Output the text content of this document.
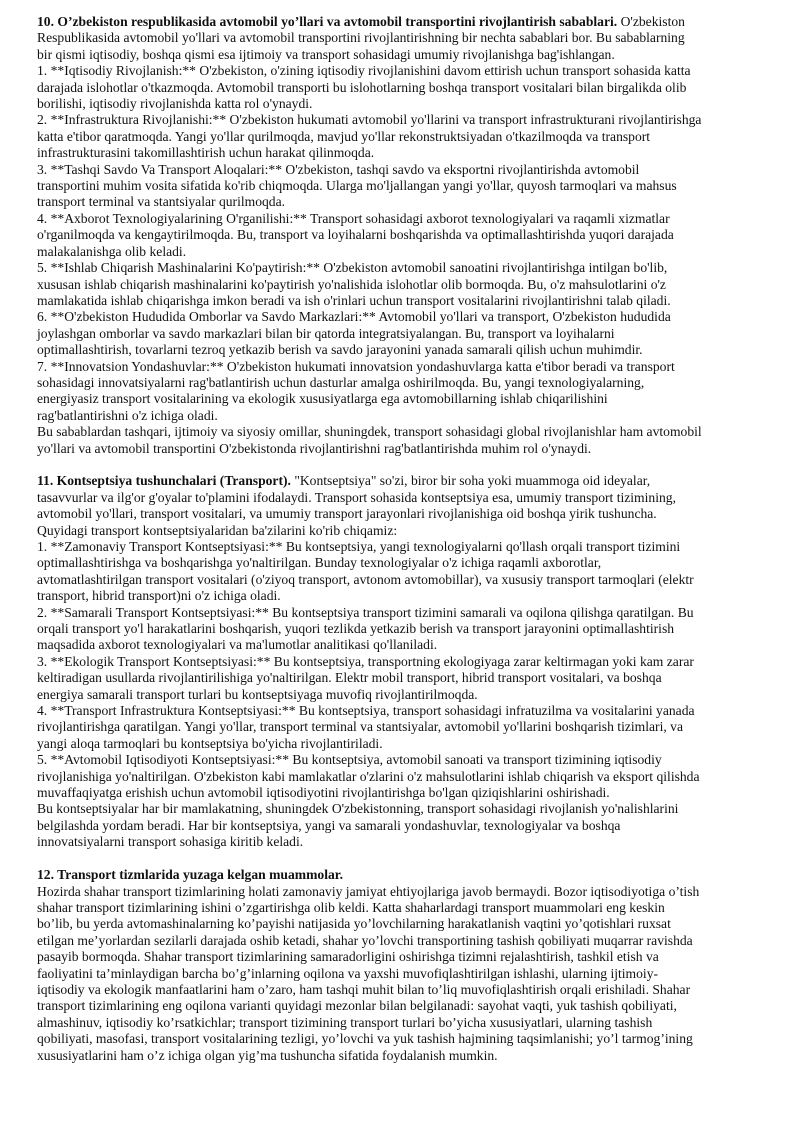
10. O’zbekiston respublikasida avtomobil yo’llari va avtomobil transportini rivojlantirish sabablari. O'zbekiston
Respublikasida avtomobil yo'llari va avtomobil transportini rivojlantirishning bir nechta sabablari bor. Bu sabablarning
bir qismi iqtisodiy, boshqa qismi esa ijtimoiy va transport sohasidagi umumiy rivojlanishga bag'ishlangan.
1. **Iqtisodiy Rivojlanish:** O'zbekiston, o'zining iqtisodiy rivojlanishini davom ettirish uchun transport sohasida katta
darajada islohotlar o'tkazmoqda. Avtomobil transporti bu islohotlarning boshqa transport vositalari bilan birgalikda olib
borilishi, iqtisodiy rivojlanishda katta rol o'ynaydi.
2. **Infrastruktura Rivojlanishi:** O'zbekiston hukumati avtomobil yo'llarini va transport infrastrukturani rivojlantirishga
katta e'tibor qaratmoqda. Yangi yo'llar qurilmoqda, mavjud yo'llar rekonstruktsiyadan o'tkazilmoqda va transport
infrastrukturasini takomillashtirish uchun harakat qilinmoqda.
3. **Tashqi Savdo Va Transport Aloqalari:** O'zbekiston, tashqi savdo va eksportni rivojlantirishda avtomobil
transportini muhim vosita sifatida ko'rib chiqmoqda. Ularga mo'ljallangan yangi yo'llar, quyosh tarmoqlari va mahsus
transport terminal va stantsiyalar qurilmoqda.
4. **Axborot Texnologiyalarining O'rganilishi:** Transport sohasidagi axborot texnologiyalari va raqamli xizmatlar
o'rganilmoqda va kengaytirilmoqda. Bu, transport va loyihalarni boshqarishda va optimallashtirishda yuqori darajada
malakalanishga olib keladi.
5. **Ishlab Chiqarish Mashinalarini Ko'paytirish:** O'zbekiston avtomobil sanoatini rivojlantirishga intilgan bo'lib,
xususan ishlab chiqarish mashinalarini ko'paytirish yo'nalishida islohotlar olib bormoqda. Bu, o'z mahsulotlarini o'z
mamlakatida ishlab chiqarishga imkon beradi va ish o'rinlari uchun transport vositalarini rivojlantirishni talab qiladi.
6. **O'zbekiston Hududida Omborlar va Savdo Markazlari:** Avtomobil yo'llari va transport, O'zbekiston hududida
joylashgan omborlar va savdo markazlari bilan bir qatorda integratsiyalangan. Bu, transport va loyihalarni
optimallashtirish, tovarlarni tezroq yetkazib berish va savdo jarayonini yanada samarali qilish uchun muhimdir.
7. **Innovatsion Yondashuvlar:** O'zbekiston hukumati innovatsion yondashuvlarga katta e'tibor beradi va transport
sohasidagi innovatsiyalarni rag'batlantirish uchun dasturlar amalga oshirilmoqda. Bu, yangi texnologiyalarning,
energiyasiz transport vositalarining va ekologik xususiyatlarga ega avtomobillarning ishlab chiqarilishini
rag'batlantirishni o'z ichiga oladi.
Bu sabablardan tashqari, ijtimoiy va siyosiy omillar, shuningdek, transport sohasidagi global rivojlanishlar ham avtomobil
yo'llari va avtomobil transportini O'zbekistonda rivojlantirishni rag'batlantirishda muhim rol o'ynaydi.
11. Kontseptsiya tushunchalari (Transport). "Kontseptsiya" so'zi, biror bir soha yoki muammoga oid ideyalar,
tasavvurlar va ilg'or g'oyalar to'plamini ifodalaydi. Transport sohasida kontseptsiya esa, umumiy transport tizimining,
avtomobil yo'llari, transport vositalari, va umumiy transport jarayonlari rivojlanishiga oid boshqa yirik tushuncha.
Quyidagi transport kontseptsiyalaridan ba'zilarini ko'rib chiqamiz:
1. **Zamonaviy Transport Kontseptsiyasi:** Bu kontseptsiya, yangi texnologiyalarni qo'llash orqali transport tizimini
optimallashtirishga va boshqarishga yo'naltirilgan. Bunday texnologiyalar o'z ichiga raqamli axborotlar,
avtomatlashtirilgan transport vositalari (o'ziyoq transport, avtonom avtomobillar), va xususiy transport tarmoqlari (elektr
transport, hibrid transport)ni o'z ichiga oladi.
2. **Samarali Transport Kontseptsiyasi:** Bu kontseptsiya transport tizimini samarali va oqilona qilishga qaratilgan. Bu
orqali transport yo'l harakatlarini boshqarish, yuqori tezlikda yetkazib berish va transport jarayonini optimallashtirish
maqsadida axborot texnologiyalari va ma'lumotlar analitikasi qo'llaniladi.
3. **Ekologik Transport Kontseptsiyasi:** Bu kontseptsiya, transportning ekologiyaga zarar keltirmagan yoki kam zarar
keltiradigan usullarda rivojlantirilishiga yo'naltirilgan. Elektr mobil transport, hibrid transport vositalari, va boshqa
energiya samarali transport turlari bu kontseptsiyaga muvofiq rivojlantirilmoqda.
4. **Transport Infrastruktura Kontseptsiyasi:** Bu kontseptsiya, transport sohasidagi infratuzilma va vositalarini yanada
rivojlantirishga qaratilgan. Yangi yo'llar, transport terminal va stantsiyalar, avtomobil yo'llarini boshqarish tizimlari, va
yangi aloqa tarmoqlari bu kontseptsiya bo'yicha rivojlantiriladi.
5. **Avtomobil Iqtisodiyoti Kontseptsiyasi:** Bu kontseptsiya, avtomobil sanoati va transport tizimining iqtisodiy
rivojlanishiga yo'naltirilgan. O'zbekiston kabi mamlakatlar o'zlarini o'z mahsulotlarini ishlab chiqarish va eksport qilishda
muvaffaqiyatga erishish uchun avtomobil iqtisodiyotini rivojlantirishga bo'lgan qiziqishlarini oshirishadi.
Bu kontseptsiyalar har bir mamlakatning, shuningdek O'zbekistonning, transport sohasidagi rivojlanish yo'nalishlarini
belgilashda yordam beradi. Har bir kontseptsiya, yangi va samarali yondashuvlar, texnologiyalar va boshqa
innovatsiyalarni transport sohasiga kiritib keladi.
12. Transport tizmlarida yuzaga kelgan muammolar.
Hozirda shahar transport tizimlarining holati zamonaviy jamiyat ehtiyojlariga javob bermaydi. Bozor iqtisodiyotiga o’tish
shahar transport tizimlarining ishini o’zgartirishga olib keldi. Katta shaharlardagi transport muammolari eng keskin
bo’lib, bu yerda avtomashinalarning ko’payishi natijasida yo’lovchilarning harakatlanish vaqtini yo’qotishlari ruxsat
etilgan me’yorlardan sezilarli darajada oshib ketadi, shahar yo’lovchi transportining tashish qobiliyati muqarrar ravishda
pasayib bormoqda. Shahar transport tizimlarining samaradorligini oshirishga tizimni rejalashtirish, tashkil etish va
faoliyatini ta’minlaydigan barcha bo’g’inlarning oqilona va yaxshi muvofiqlashtirilgan ishlashi, ularning ijtimoiy-
iqtisodiy va ekologik manfaatlarini ham o’zaro, ham tashqi muhit bilan to’liq muvofiqlashtirish orqali erishiladi. Shahar
transport tizimlarining eng oqilona varianti quyidagi mezonlar bilan belgilanadi: sayohat vaqti, yuk tashish qobiliyati,
almashinuv, iqtisodiy ko’rsatkichlar; transport tizimining transport turlari bo’yicha xususiyatlari, ularning tashish
qobiliyati, masofasi, transport vositalarining tezligi, yo’lovchi va yuk tashish hajmining taqsimlanishi; yo’l tarmog’ining
xususiyatlarini ham o’z ichiga olgan yig’ma tushuncha sifatida foydalanish mumkin.
